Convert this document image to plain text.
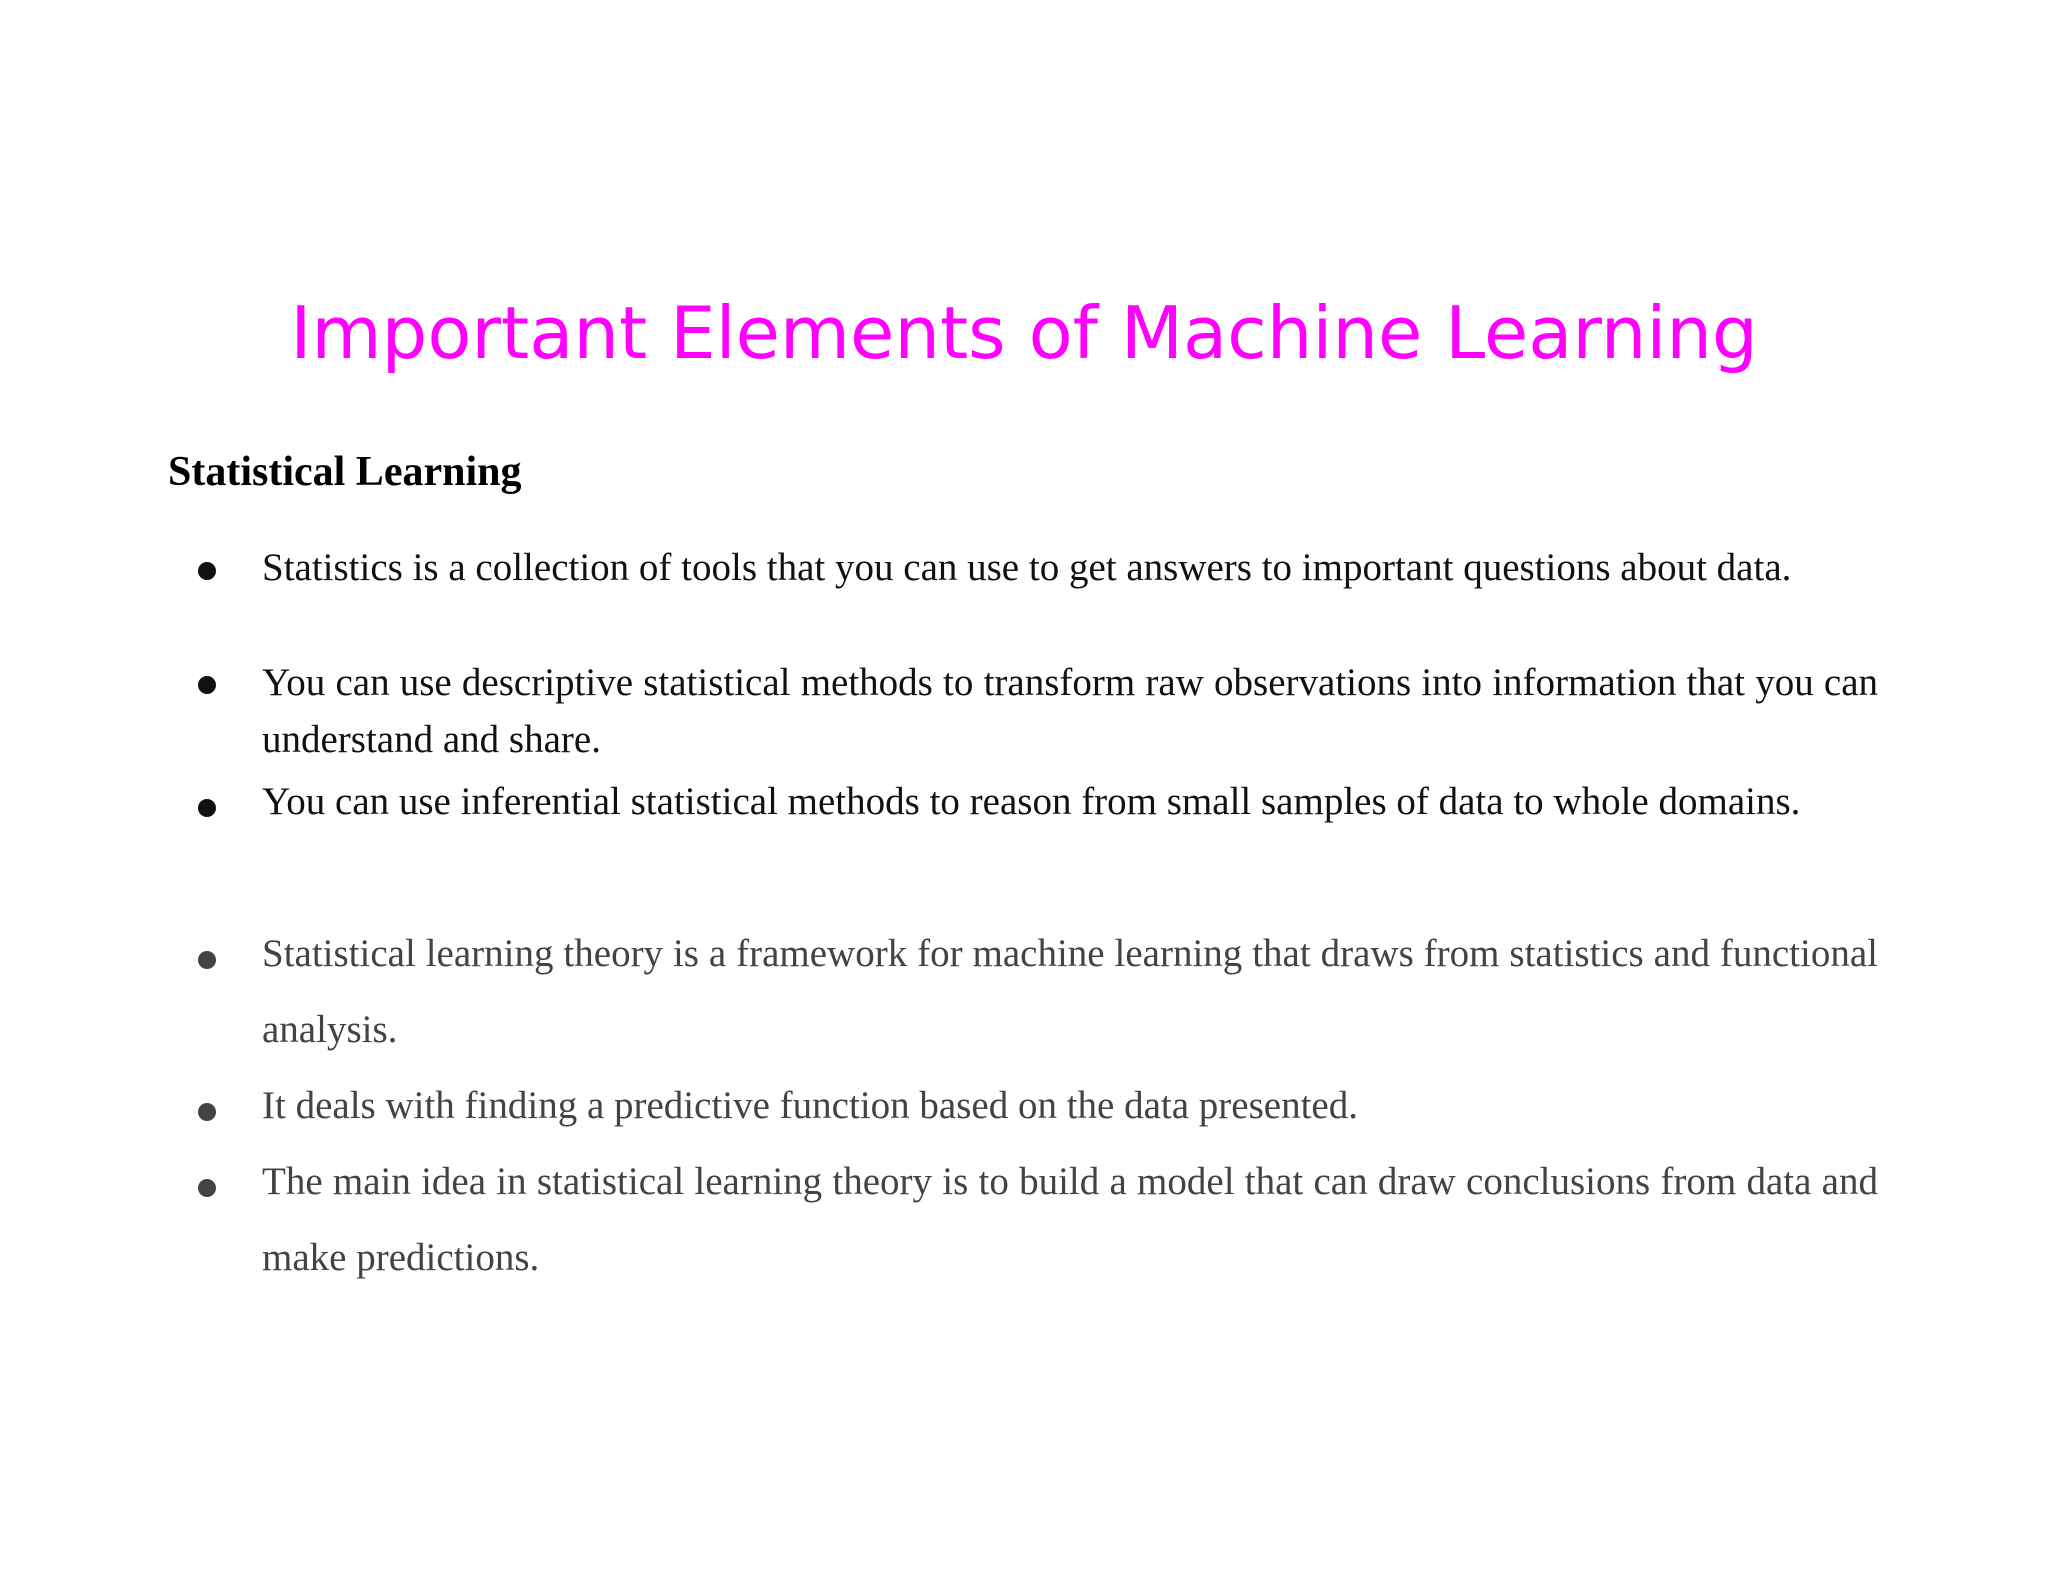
Important Elements of Machine Learning
Statistical Learning
Statistics is a collection of tools that you can use to get answers to important questions about data.
You can use descriptive statistical methods to transform raw observations into information that you can understand and share.
You can use inferential statistical methods to reason from small samples of data to whole domains.
Statistical learning theory is a framework for machine learning that draws from statistics and functional analysis.
It deals with finding a predictive function based on the data presented.
The main idea in statistical learning theory is to build a model that can draw conclusions from data and make predictions.
